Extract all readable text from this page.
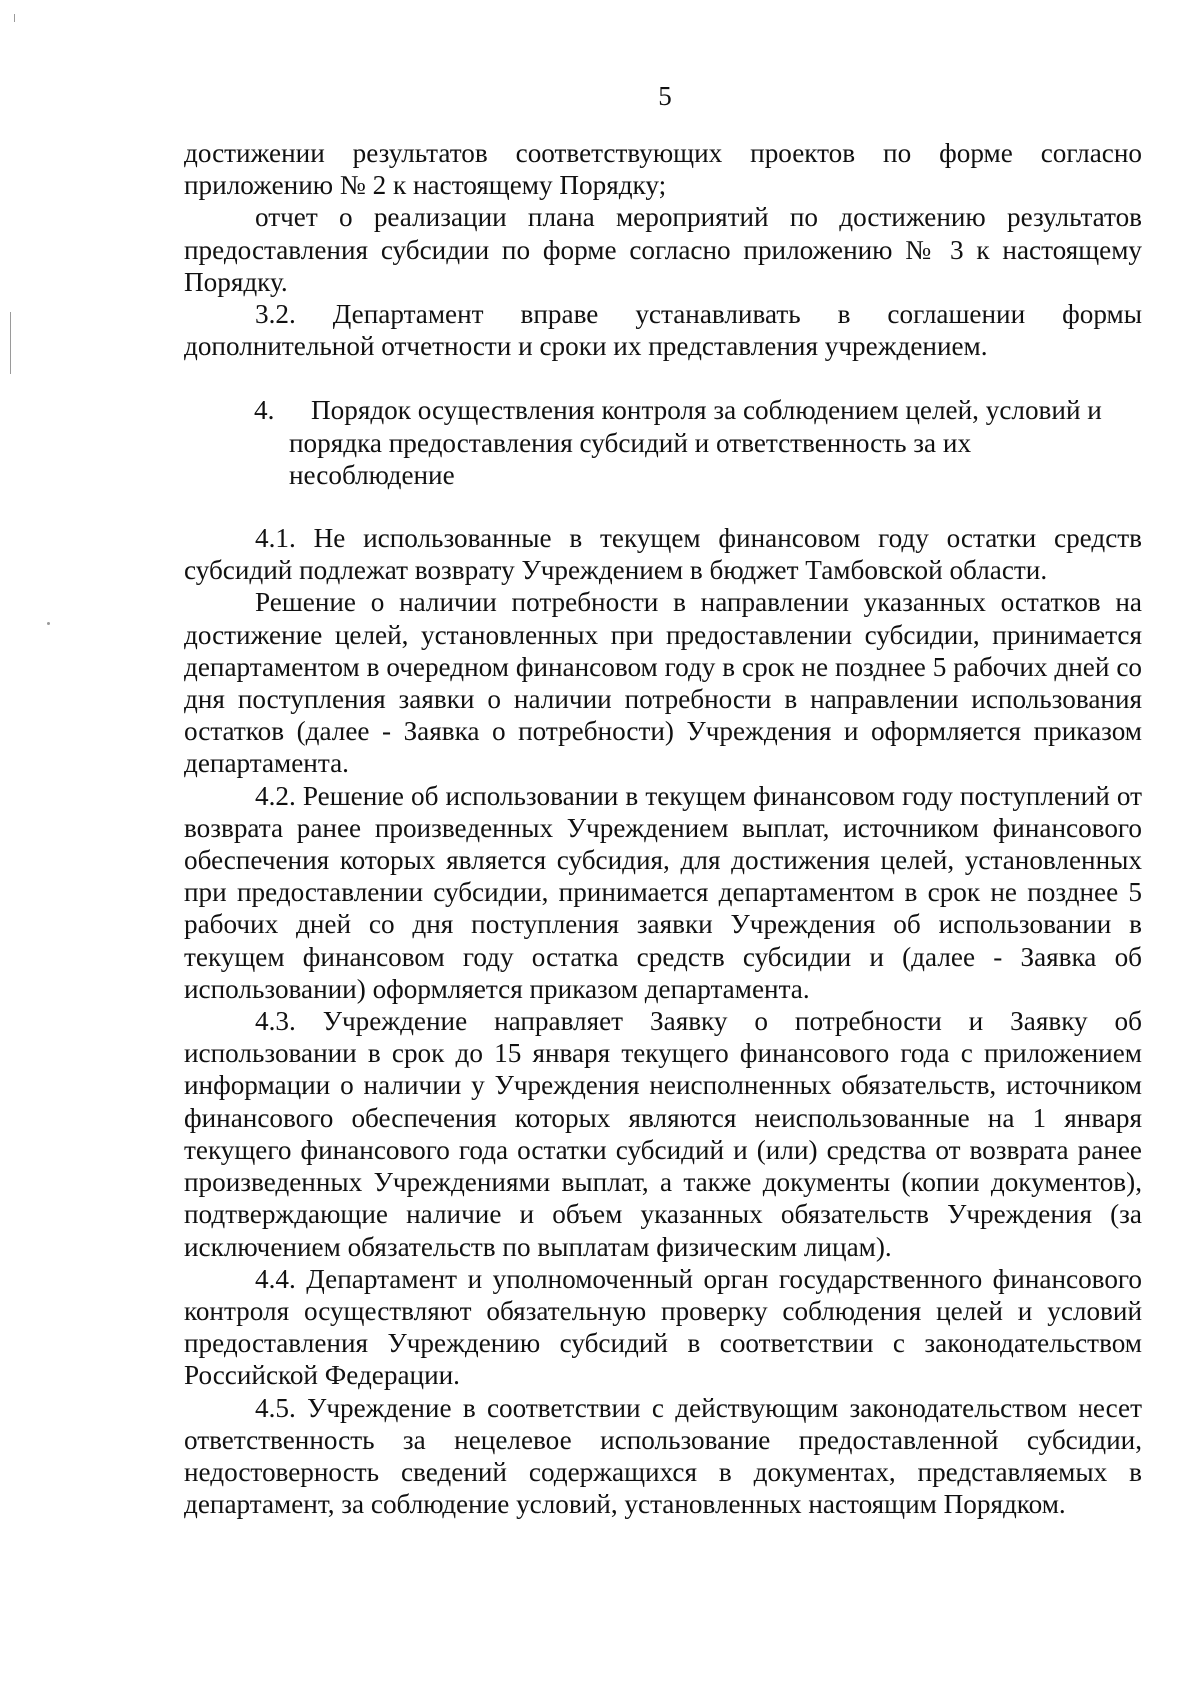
5

достижении результатов соответствующих проектов по форме согласно приложению № 2 к настоящему Порядку;

отчет о реализации плана мероприятий по достижению результатов предоставления субсидии по форме согласно приложению № 3 к настоящему Порядку.

3.2. Департамент вправе устанавливать в соглашении формы дополнительной отчетности и сроки их представления учреждением.

4. Порядок осуществления контроля за соблюдением целей, условий и
порядка предоставления субсидий и ответственность за их несоблюдение

4.1. Не использованные в текущем финансовом году остатки средств субсидий подлежат возврату Учреждением в бюджет Тамбовской области.

Решение о наличии потребности в направлении указанных остатков на достижение целей, установленных при предоставлении субсидии, принимается департаментом в очередном финансовом году в срок не позднее 5 рабочих дней со дня поступления заявки о наличии потребности в направлении использования остатков (далее - Заявка о потребности) Учреждения и оформляется приказом департамента.

4.2. Решение об использовании в текущем финансовом году поступлений от возврата ранее произведенных Учреждением выплат, источником финансового обеспечения которых является субсидия, для достижения целей, установленных при предоставлении субсидии, принимается департаментом в срок не позднее 5 рабочих дней со дня поступления заявки Учреждения об использовании в текущем финансовом году остатка средств субсидии и (далее - Заявка об использовании) оформляется приказом департамента.

4.3. Учреждение направляет Заявку о потребности и Заявку об использовании в срок до 15 января текущего финансового года с приложением информации о наличии у Учреждения неисполненных обязательств, источником финансового обеспечения которых являются неиспользованные на 1 января текущего финансового года остатки субсидий и (или) средства от возврата ранее произведенных Учреждениями выплат, а также документы (копии документов), подтверждающие наличие и объем указанных обязательств Учреждения (за исключением обязательств по выплатам физическим лицам).

4.4. Департамент и уполномоченный орган государственного финансового контроля осуществляют обязательную проверку соблюдения целей и условий предоставления Учреждению субсидий в соответствии с законодательством Российской Федерации.

4.5. Учреждение в соответствии с действующим законодательством несет ответственность за нецелевое использование предоставленной субсидии, недостоверность сведений содержащихся в документах, представляемых в департамент, за соблюдение условий, установленных настоящим Порядком.
